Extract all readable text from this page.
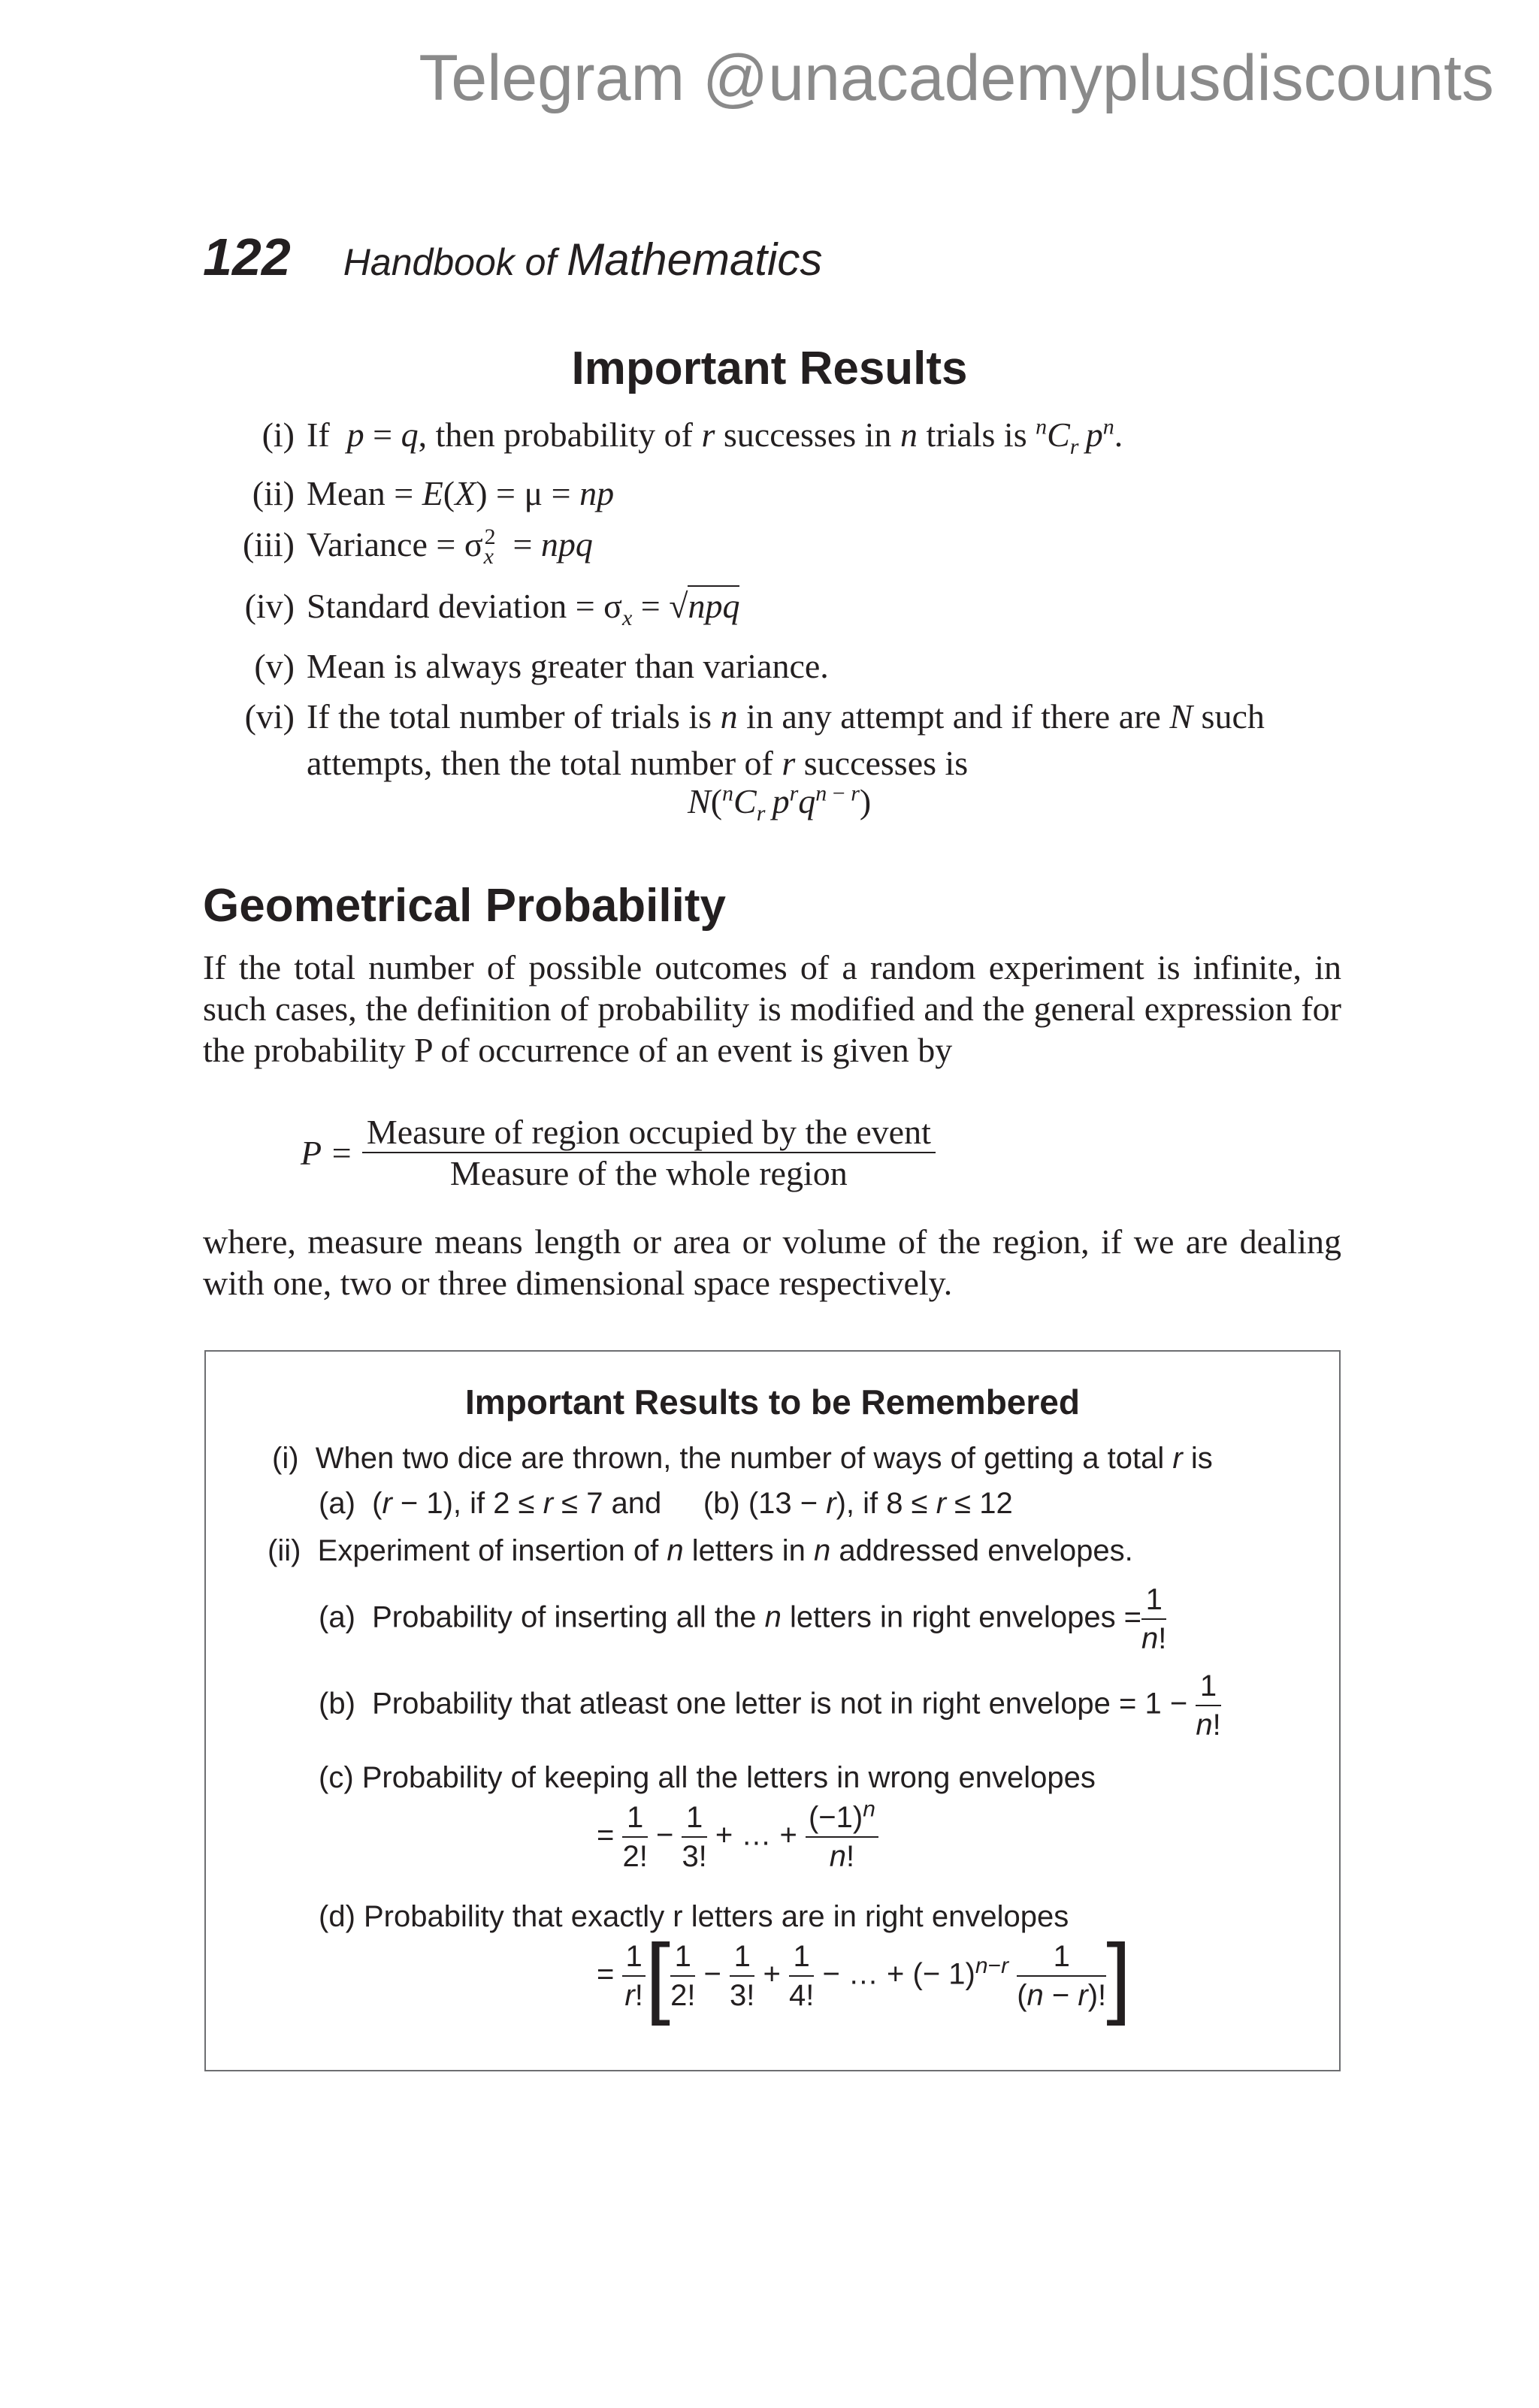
Telegram @unacademyplusdiscounts
122 Handbook of Mathematics
Important Results
(i) If  p = q, then probability of r successes in n trials is $^nC_r$  $p^n$.
(ii) Mean = E(X) = μ = np
(iii) Variance = $\sigma^2_x$ = npq
(iv) Standard deviation = $\sigma_x = √npq$
(v) Mean is always greater than variance.
(vi) If the total number of trials is n in any attempt and if there are N such attempts, then the total number of r successes is
$N(^nC_r$  $p^rq^{n - r}$)
Geometrical Probability
If the total number of possible outcomes of a random experiment is infinite, in such cases, the definition of probability is modified and the general expression for the probability P of occurrence of an event is given by
$P = \frac{\text{Measure of region occupied by the event}}{\text{Measure of the whole region}}$
where, measure means length or area or volume of the region, if we are dealing with one, two or three dimensional space respectively.
Important Results to be Remembered
(i)  When two dice are thrown, the number of ways of getting a total r is
(a)  (r − 1), if 2 ≤ r ≤ 7 and     (b) (13 − r), if 8 ≤ r ≤ 12
(ii)  Experiment of insertion of n letters in n addressed envelopes.
(a)  Probability of inserting all the n letters in right envelopes = $\frac{1}{n!}$
(b)  Probability that atleast one letter is not in right envelope = $1 - \frac{1}{n!}$
(c) Probability of keeping all the letters in wrong envelopes
= $\frac{1}{2!} - \frac{1}{3!}$ + … + $\frac{(-1)^n}{n!}$
(d) Probability that exactly r letters are in right envelopes
= $\frac{1}{r!}$ [ $\frac{1}{2!} - \frac{1}{3!} + \frac{1}{4!}$ − … + (− $1)^{n-r} \frac{1}{(n - r)!}$ ]
